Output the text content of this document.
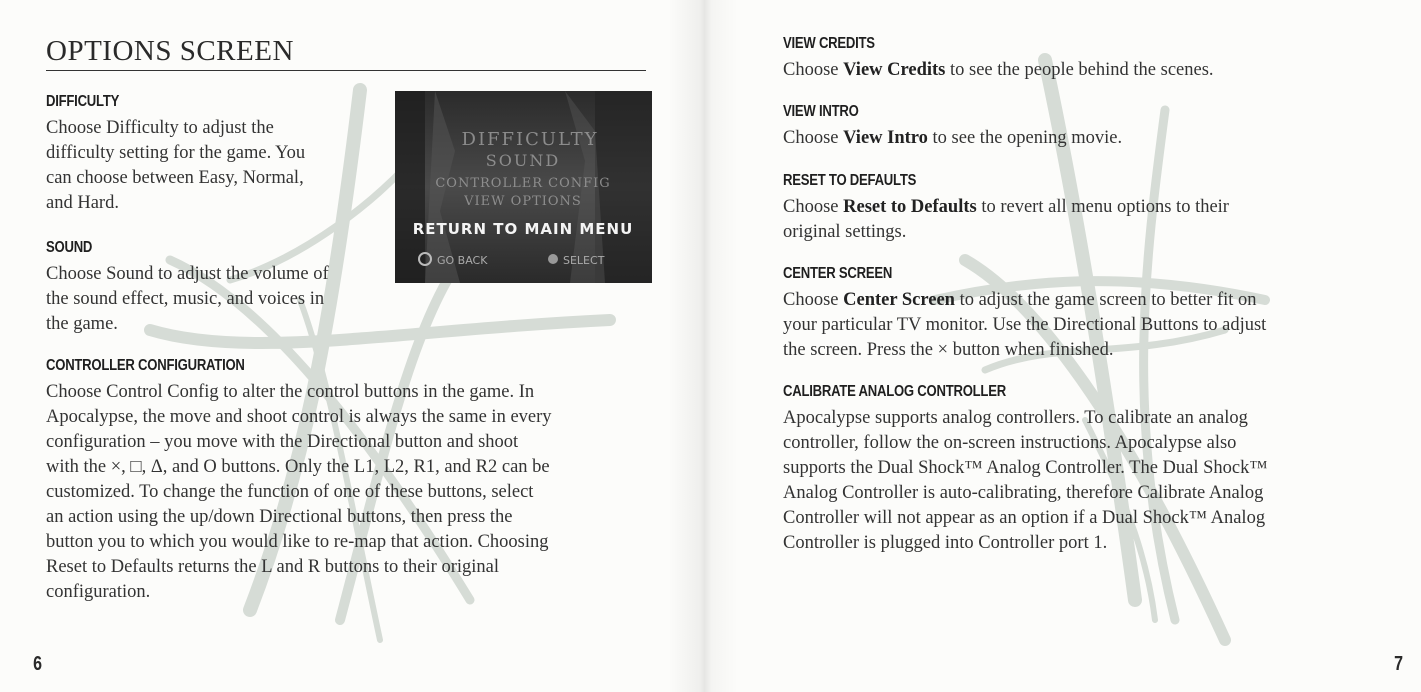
OPTIONS SCREEN
DIFFICULTY
Choose Difficulty to adjust the
difficulty setting for the game. You
can choose between Easy, Normal,
and Hard.
SOUND
Choose Sound to adjust the volume of
the sound effect, music, and voices in
the game.
CONTROLLER CONFIGURATION
Choose Control Config to alter the control buttons in the game. In
Apocalypse, the move and shoot control is always the same in every
configuration – you move with the Directional button and shoot
with the ×, □, Δ, and O buttons. Only the L1, L2, R1, and R2 can be
customized. To change the function of one of these buttons, select
an action using the up/down Directional buttons, then press the
button you to which you would like to re-map that action. Choosing
Reset to Defaults returns the L and R buttons to their original
configuration.
DIFFICULTY
SOUND
CONTROLLER CONFIG
VIEW OPTIONS
RETURN TO MAIN MENU
GO BACK	SELECT
6
VIEW CREDITS
Choose View Credits to see the people behind the scenes.
VIEW INTRO
Choose View Intro to see the opening movie.
RESET TO DEFAULTS
Choose Reset to Defaults to revert all menu options to their
original settings.
CENTER SCREEN
Choose Center Screen to adjust the game screen to better fit on
your particular TV monitor. Use the Directional Buttons to adjust
the screen. Press the × button when finished.
CALIBRATE ANALOG CONTROLLER
Apocalypse supports analog controllers. To calibrate an analog
controller, follow the on-screen instructions. Apocalypse also
supports the Dual Shock™ Analog Controller. The Dual Shock™
Analog Controller is auto-calibrating, therefore Calibrate Analog
Controller will not appear as an option if a Dual Shock™ Analog
Controller is plugged into Controller port 1.
7
